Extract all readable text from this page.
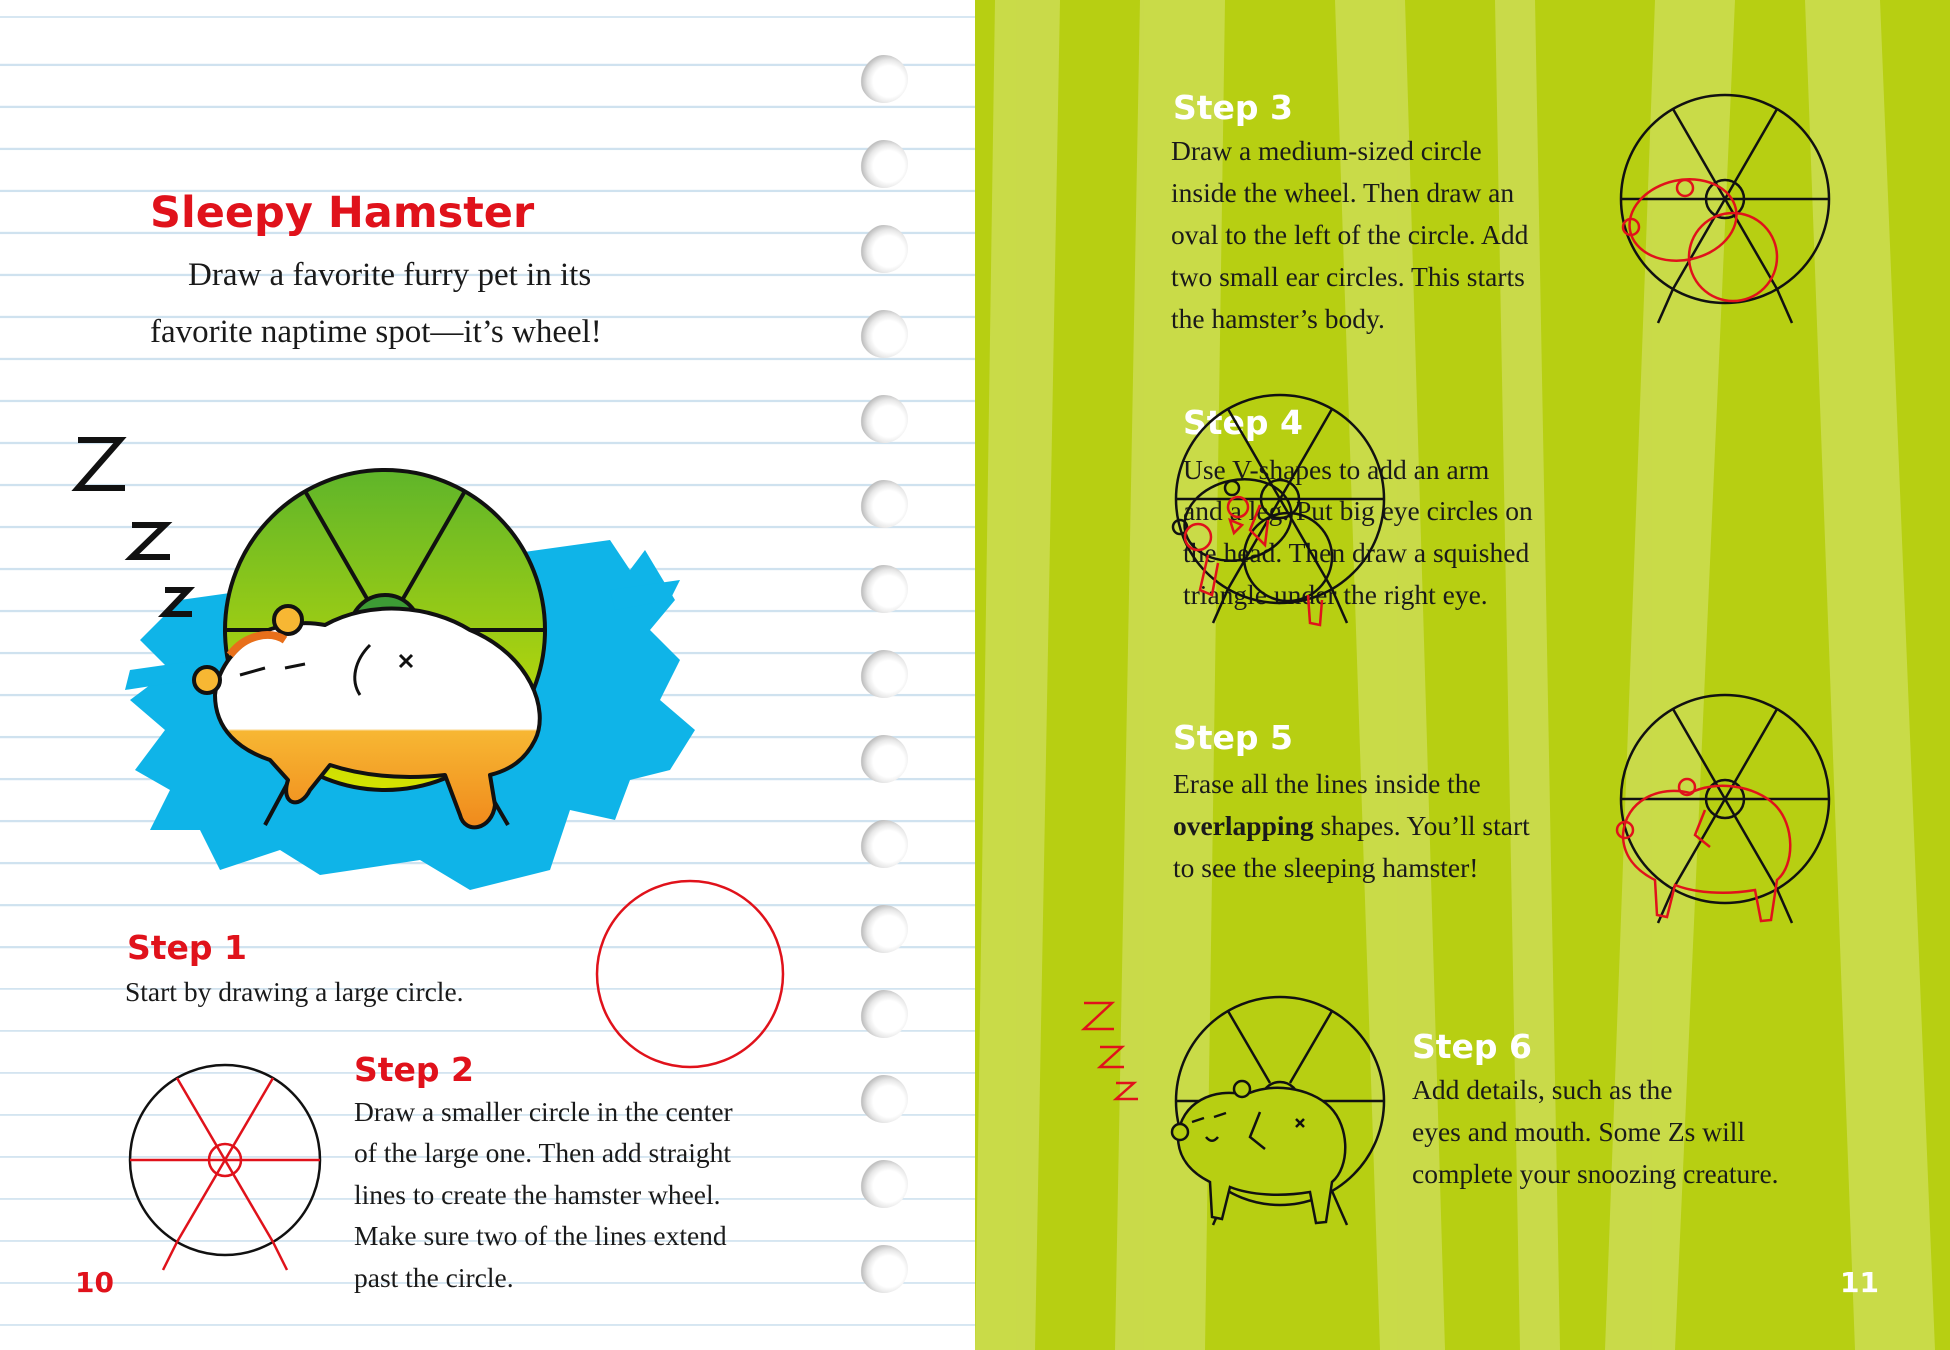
Sleepy Hamster

Draw a favorite furry pet in its

favorite naptime spot—it’s wheel!

Step 1

Start by drawing a large circle.

Step 2

Draw a smaller circle in the center

of the large one. Then add straight

lines to create the hamster wheel.

Make sure two of the lines extend

past the circle.

10
Step 3

Draw a medium-sized circle

inside the wheel. Then draw an

oval to the left of the circle. Add

two small ear circles. This starts

the hamster’s body.

Step 4

Use V-shapes to add an arm

and a leg. Put big eye circles on

the head. Then draw a squished

triangle under the right eye.

Step 5

Erase all the lines inside the

overlapping shapes. You’ll start

to see the sleeping hamster!

Step 6

Add details, such as the

eyes and mouth. Some Zs will

complete your snoozing creature.

11
